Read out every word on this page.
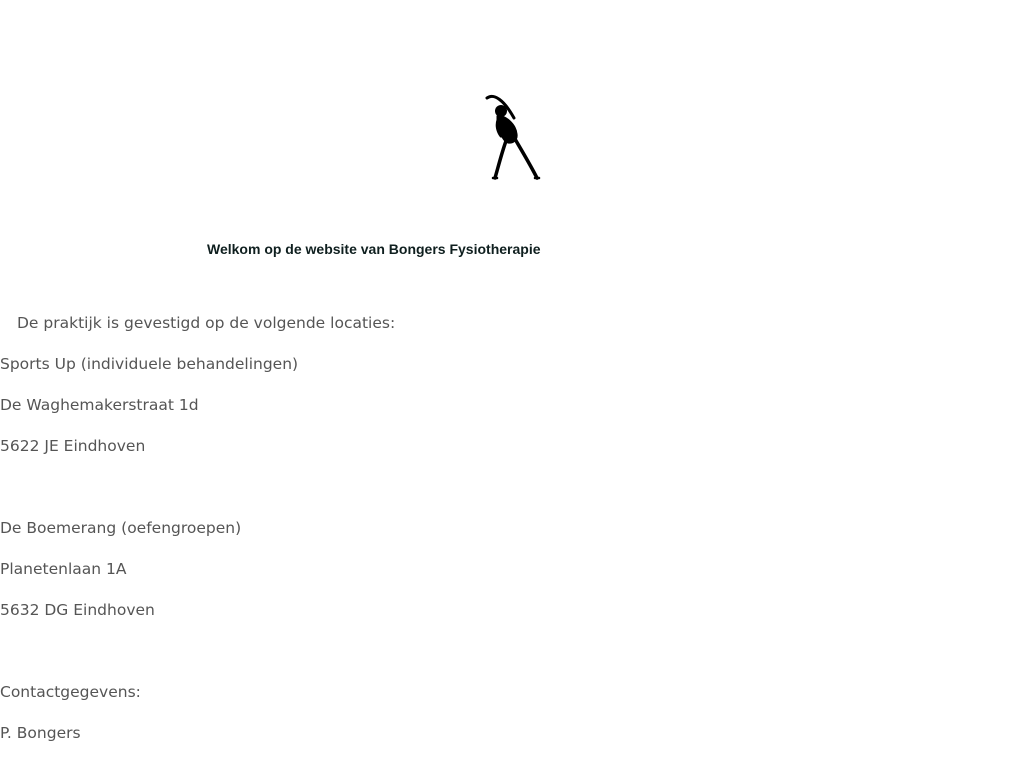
Welkom op de website van Bongers Fysiotherapie

De praktijk is gevestigd op de volgende locaties:

Sports Up (individuele behandelingen)

De Waghemakerstraat 1d

5622 JE Eindhoven

De Boemerang (oefengroepen)

Planetenlaan 1A

5632 DG Eindhoven

Contactgegevens:

P. Bongers
